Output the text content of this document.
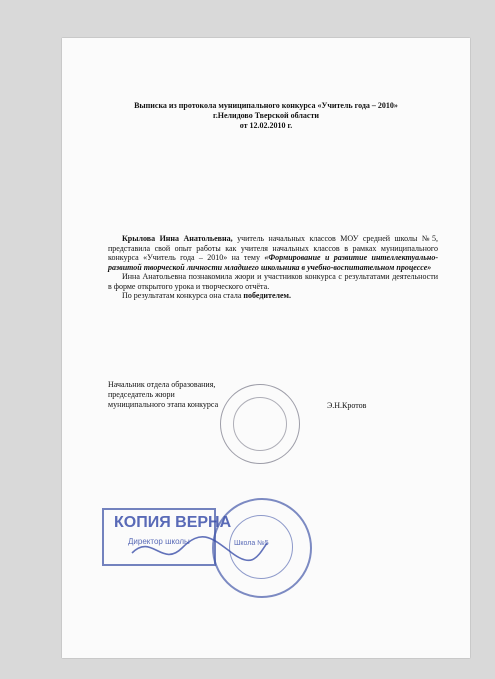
Выписка из протокола муниципального конкурса «Учитель года – 2010»
г.Нелидово Тверской области
от 12.02.2010 г.

Крылова Инна Анатольевна, учитель начальных классов МОУ средней школы №5, представила свой опыт работы как учителя начальных классов в рамках муниципального конкурса «Учитель года – 2010» на тему «Формирование и развитие интеллектуально-развитой творческой личности младшего школьника в учебно-воспитательном процессе»

Инна Анатольевна познакомила жюри и участников конкурса с результатами деятельности в форме открытого урока и творческого отчёта.

По результатам конкурса она стала победителем.

Начальник отдела образования,
председатель жюри
муниципального этапа конкурса	Э.Н.Кротов
КОПИЯ ВЕРНА
Директор школы	Школа №5
